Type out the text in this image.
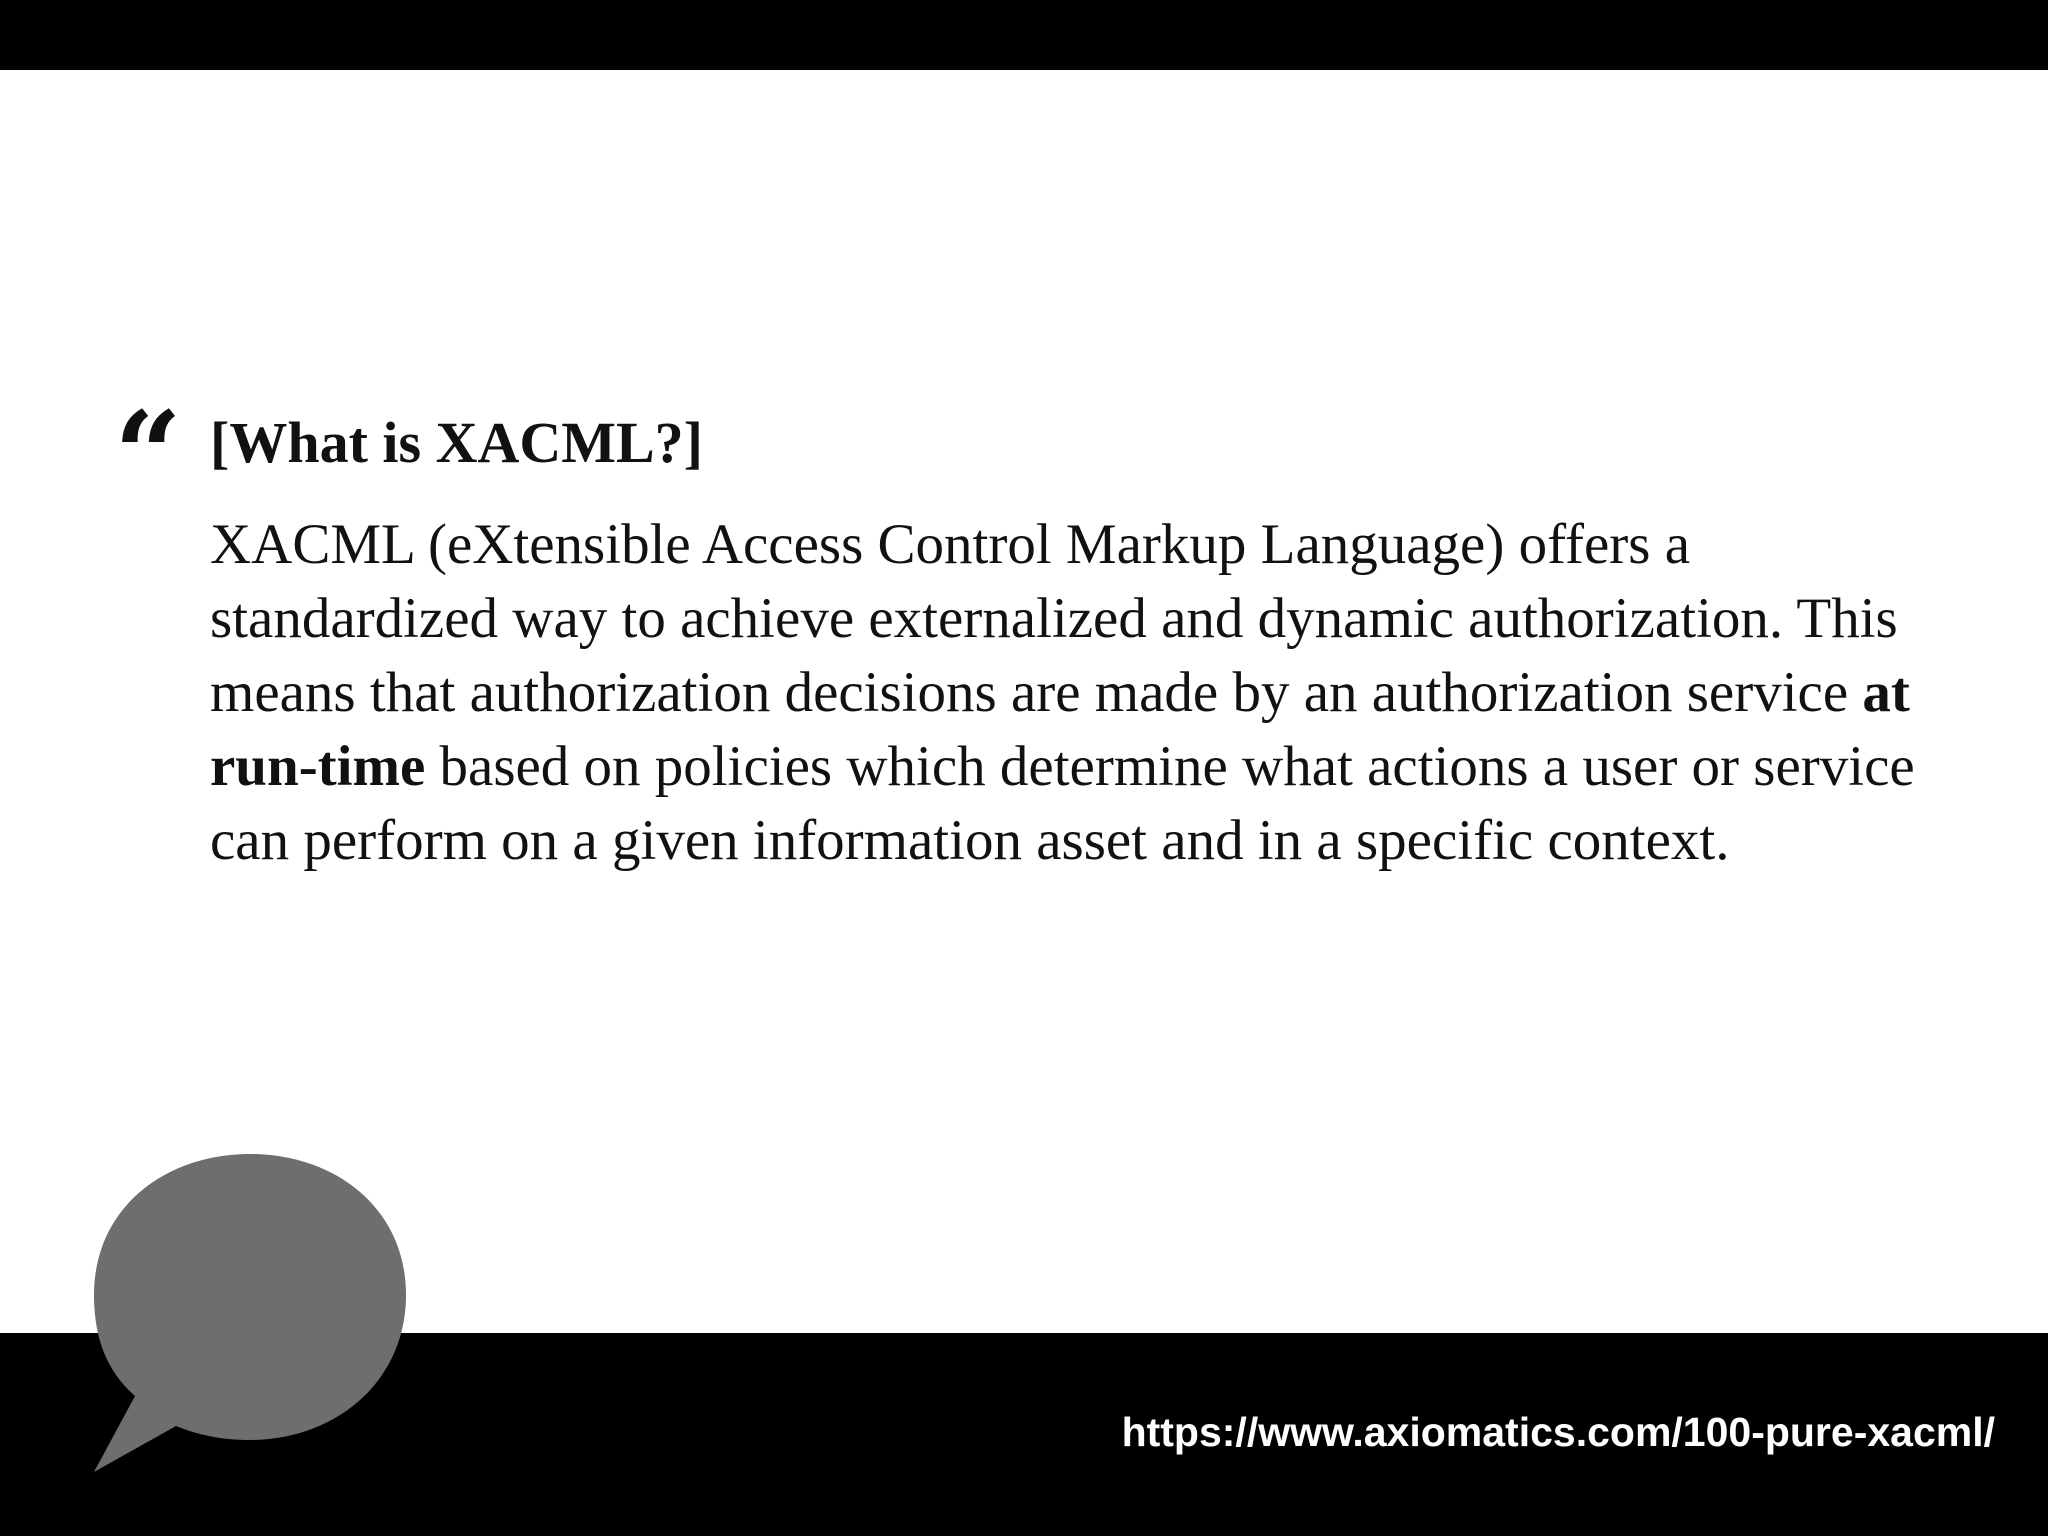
“ [What is XACML?]

XACML (eXtensible Access Control Markup Language) offers a standardized way to achieve externalized and dynamic authorization. This means that authorization decisions are made by an authorization service at run-time based on policies which determine what actions a user or service can perform on a given information asset and in a specific context.

https://www.axiomatics.com/100-pure-xacml/
